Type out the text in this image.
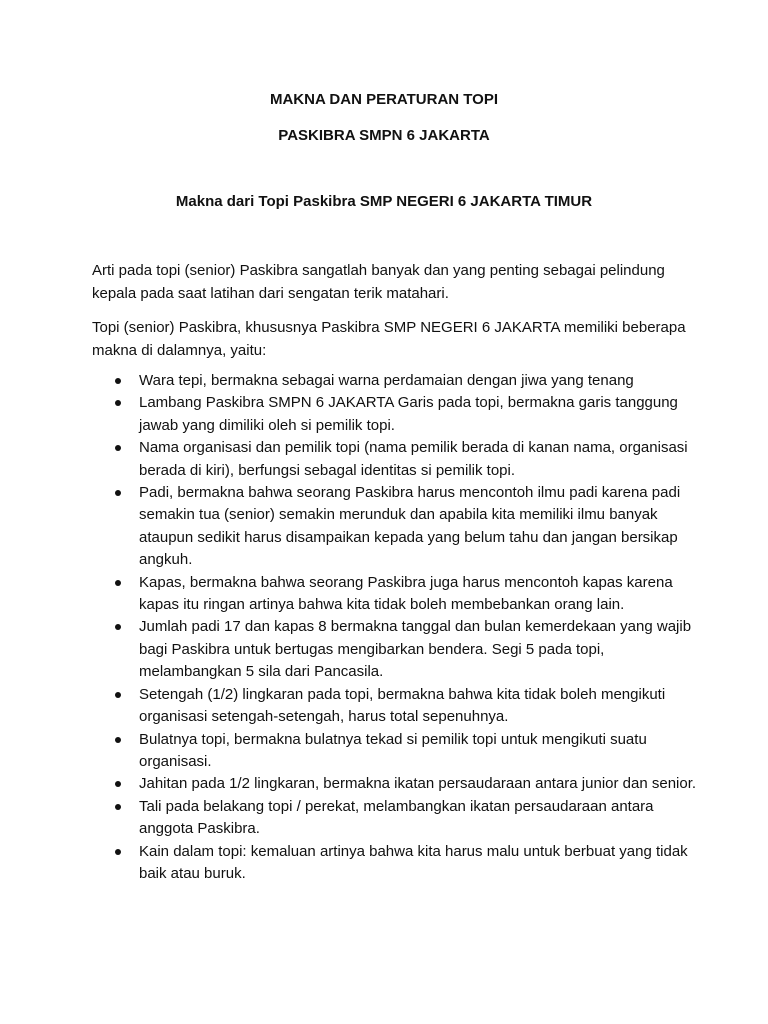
MAKNA DAN PERATURAN TOPI
PASKIBRA SMPN 6 JAKARTA
Makna dari Topi Paskibra SMP NEGERI 6 JAKARTA TIMUR

Arti pada topi (senior) Paskibra sangatlah banyak dan yang penting sebagai pelindung kepala pada saat latihan dari sengatan terik matahari.

Topi (senior) Paskibra, khususnya Paskibra SMP NEGERI 6 JAKARTA memiliki beberapa makna di dalamnya, yaitu:

Wara tepi, bermakna sebagai warna perdamaian dengan jiwa yang tenang
Lambang Paskibra SMPN 6 JAKARTA Garis pada topi, bermakna garis tanggung jawab yang dimiliki oleh si pemilik topi.
Nama organisasi dan pemilik topi (nama pemilik berada di kanan nama, organisasi berada di kiri), berfungsi sebagal identitas si pemilik topi.
Padi, bermakna bahwa seorang Paskibra harus mencontoh ilmu padi karena padi semakin tua (senior) semakin merunduk dan apabila kita memiliki ilmu banyak ataupun sedikit harus disampaikan kepada yang belum tahu dan jangan bersikap angkuh.
Kapas, bermakna bahwa seorang Paskibra juga harus mencontoh kapas karena kapas itu ringan artinya bahwa kita tidak boleh membebankan orang lain.
Jumlah padi 17 dan kapas 8 bermakna tanggal dan bulan kemerdekaan yang wajib bagi Paskibra untuk bertugas mengibarkan bendera. Segi 5 pada topi, melambangkan 5 sila dari Pancasila.
Setengah (1/2) lingkaran pada topi, bermakna bahwa kita tidak boleh mengikuti organisasi setengah-setengah, harus total sepenuhnya.
Bulatnya topi, bermakna bulatnya tekad si pemilik topi untuk mengikuti suatu organisasi.
Jahitan pada 1/2 lingkaran, bermakna ikatan persaudaraan antara junior dan senior.
Tali pada belakang topi / perekat, melambangkan ikatan persaudaraan antara anggota Paskibra.
Kain dalam topi: kemaluan artinya bahwa kita harus malu untuk berbuat yang tidak baik atau buruk.
